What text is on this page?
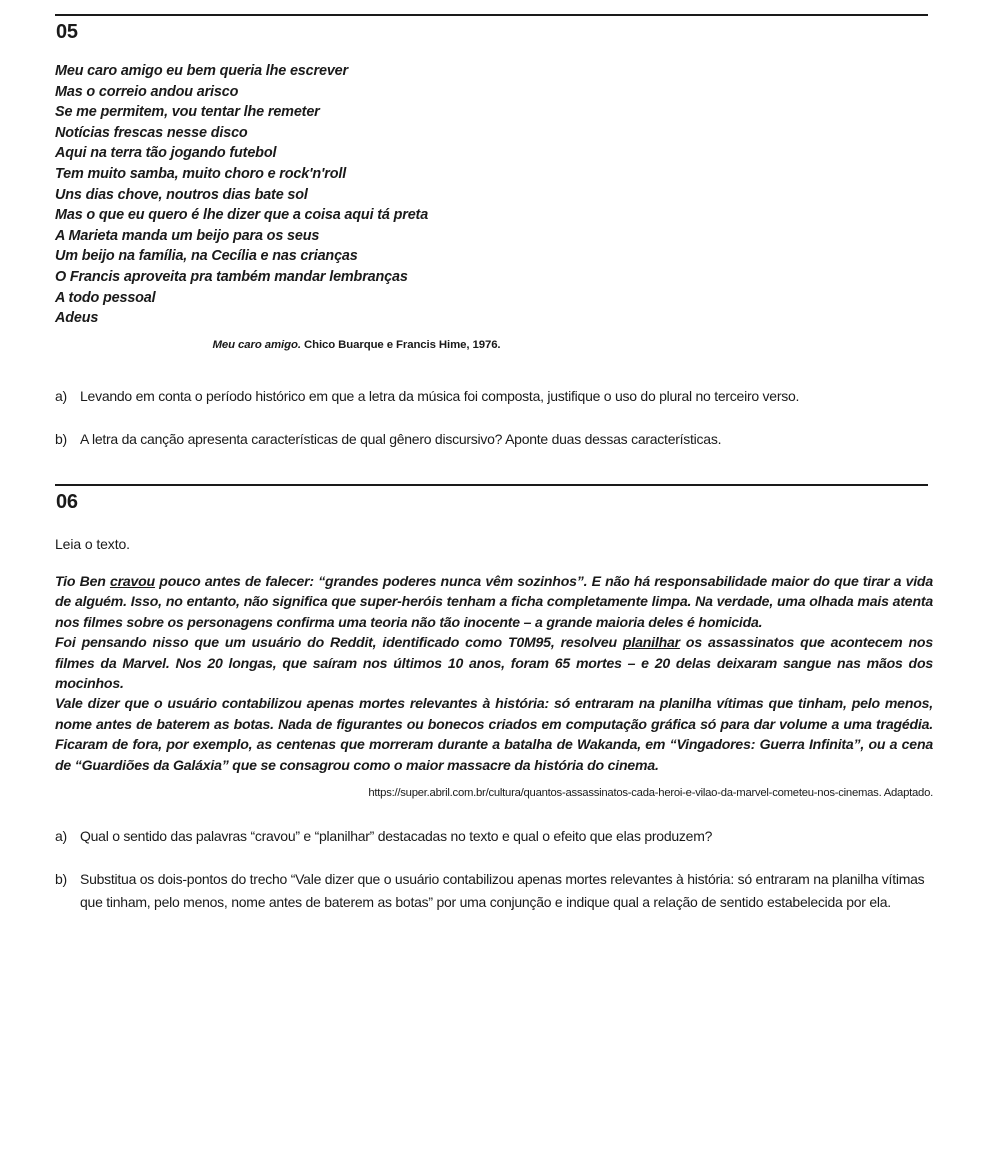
05
Meu caro amigo eu bem queria lhe escrever
Mas o correio andou arisco
Se me permitem, vou tentar lhe remeter
Notícias frescas nesse disco
Aqui na terra tão jogando futebol
Tem muito samba, muito choro e rock'n'roll
Uns dias chove, noutros dias bate sol
Mas o que eu quero é lhe dizer que a coisa aqui tá preta
A Marieta manda um beijo para os seus
Um beijo na família, na Cecília e nas crianças
O Francis aproveita pra também mandar lembranças
A todo pessoal
Adeus
Meu caro amigo. Chico Buarque e Francis Hime, 1976.
a) Levando em conta o período histórico em que a letra da música foi composta, justifique o uso do plural no terceiro verso.
b) A letra da canção apresenta características de qual gênero discursivo? Aponte duas dessas características.
06
Leia o texto.

Tio Ben cravou pouco antes de falecer: “grandes poderes nunca vêm sozinhos”. E não há responsabilidade maior do que tirar a vida de alguém. Isso, no entanto, não significa que super-heróis tenham a ficha completamente limpa. Na verdade, uma olhada mais atenta nos filmes sobre os personagens confirma uma teoria não tão inocente – a grande maioria deles é homicida.

Foi pensando nisso que um usuário do Reddit, identificado como T0M95, resolveu planilhar os assassinatos que acontecem nos filmes da Marvel. Nos 20 longas, que saíram nos últimos 10 anos, foram 65 mortes – e 20 delas deixaram sangue nas mãos dos mocinhos.

Vale dizer que o usuário contabilizou apenas mortes relevantes à história: só entraram na planilha vítimas que tinham, pelo menos, nome antes de baterem as botas. Nada de figurantes ou bonecos criados em computação gráfica só para dar volume a uma tragédia. Ficaram de fora, por exemplo, as centenas que morreram durante a batalha de Wakanda, em “Vingadores: Guerra Infinita”, ou a cena de “Guardiões da Galáxia” que se consagrou como o maior massacre da história do cinema.

https://super.abril.com.br/cultura/quantos-assassinatos-cada-heroi-e-vilao-da-marvel-cometeu-nos-cinemas. Adaptado.
a) Qual o sentido das palavras “cravou” e “planilhar” destacadas no texto e qual o efeito que elas produzem?
b) Substitua os dois-pontos do trecho “Vale dizer que o usuário contabilizou apenas mortes relevantes à história: só entraram na planilha vítimas que tinham, pelo menos, nome antes de baterem as botas” por uma conjunção e indique qual a relação de sentido estabelecida por ela.
